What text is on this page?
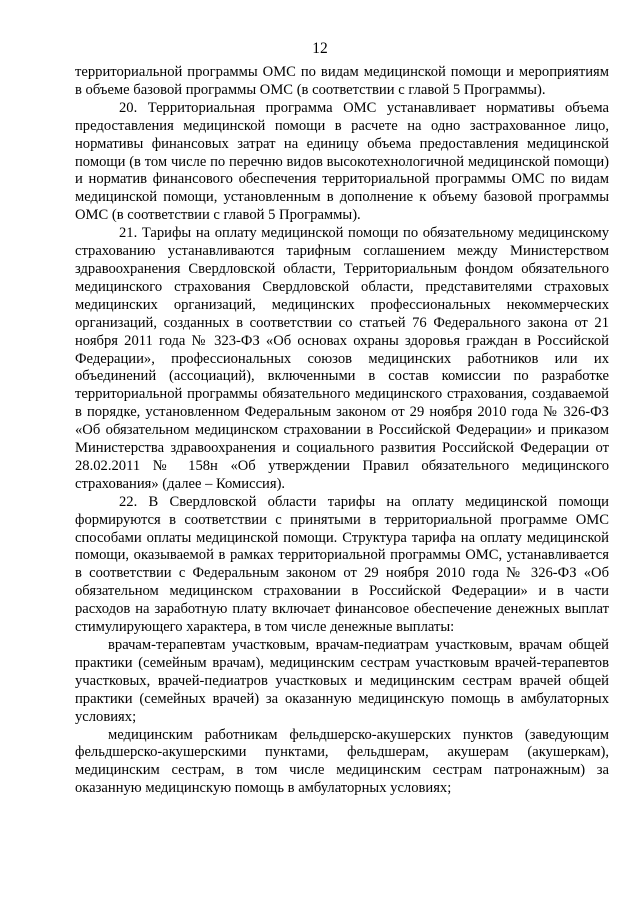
12

территориальной программы ОМС по видам медицинской помощи и мероприятиям в объеме базовой программы ОМС (в соответствии с главой 5 Программы).

20. Территориальная программа ОМС устанавливает нормативы объема предоставления медицинской помощи в расчете на одно застрахованное лицо, нормативы финансовых затрат на единицу объема предоставления медицинской помощи (в том числе по перечню видов высокотехнологичной медицинской помощи) и норматив финансового обеспечения территориальной программы ОМС по видам медицинской помощи, установленным в дополнение к объему базовой программы ОМС (в соответствии с главой 5 Программы).

21. Тарифы на оплату медицинской помощи по обязательному медицинскому страхованию устанавливаются тарифным соглашением между Министерством здравоохранения Свердловской области, Территориальным фондом обязательного медицинского страхования Свердловской области, представителями страховых медицинских организаций, медицинских профессиональных некоммерческих организаций, созданных в соответствии со статьей 76 Федерального закона от 21 ноября 2011 года № 323-ФЗ «Об основах охраны здоровья граждан в Российской Федерации», профессиональных союзов медицинских работников или их объединений (ассоциаций), включенными в состав комиссии по разработке территориальной программы обязательного медицинского страхования, создаваемой в порядке, установленном Федеральным законом от 29 ноября 2010 года № 326-ФЗ «Об обязательном медицинском страховании в Российской Федерации» и приказом Министерства здравоохранения и социального развития Российской Федерации от 28.02.2011 № 158н «Об утверждении Правил обязательного медицинского страхования» (далее – Комиссия).

22. В Свердловской области тарифы на оплату медицинской помощи формируются в соответствии с принятыми в территориальной программе ОМС способами оплаты медицинской помощи. Структура тарифа на оплату медицинской помощи, оказываемой в рамках территориальной программы ОМС, устанавливается в соответствии с Федеральным законом от 29 ноября 2010 года № 326-ФЗ «Об обязательном медицинском страховании в Российской Федерации» и в части расходов на заработную плату включает финансовое обеспечение денежных выплат стимулирующего характера, в том числе денежные выплаты:

врачам-терапевтам участковым, врачам-педиатрам участковым, врачам общей практики (семейным врачам), медицинским сестрам участковым врачей-терапевтов участковых, врачей-педиатров участковых и медицинским сестрам врачей общей практики (семейных врачей) за оказанную медицинскую помощь в амбулаторных условиях;

медицинским работникам фельдшерско-акушерских пунктов (заведующим фельдшерско-акушерскими пунктами, фельдшерам, акушерам (акушеркам), медицинским сестрам, в том числе медицинским сестрам патронажным) за оказанную медицинскую помощь в амбулаторных условиях;
